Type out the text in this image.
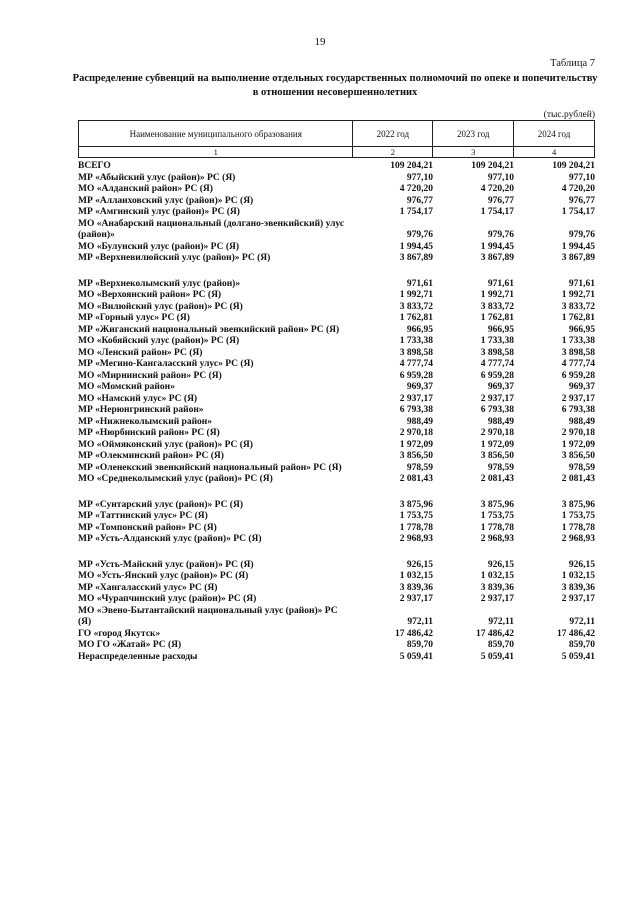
19
Таблица 7
Распределение субвенций на выполнение отдельных государственных полномочий по опеке и попечительству в отношении несовершеннолетних
(тыс.рублей)
Наименование муниципального образования	2022 год	2023 год	2024 год
1	2	3	4
ВСЕГО	109 204,21	109 204,21	109 204,21
МР «Абыйский улус (район)» РС (Я)	977,10	977,10	977,10
МО «Алданский район» РС (Я)	4 720,20	4 720,20	4 720,20
МР «Аллаиховский улус (район)» РС (Я)	976,77	976,77	976,77
МР «Амгинский улус (район)» РС (Я)	1 754,17	1 754,17	1 754,17
МО «Анабарский национальный (долгано-эвенкийский) улус (район)»	979,76	979,76	979,76
МО «Булунский улус (район)» РС (Я)	1 994,45	1 994,45	1 994,45
МР «Верхневилюйский улус (район)» РС (Я)	3 867,89	3 867,89	3 867,89

МР «Верхнеколымский улус (район)»	971,61	971,61	971,61
МО «Верхоянский район» РС (Я)	1 992,71	1 992,71	1 992,71
МО «Вилюйский улус (район)» РС (Я)	3 833,72	3 833,72	3 833,72
МР «Горный улус» РС (Я)	1 762,81	1 762,81	1 762,81
МР «Жиганский национальный эвенкийский район» РС (Я)	966,95	966,95	966,95
МО «Кобяйский улус (район)» РС (Я)	1 733,38	1 733,38	1 733,38
МО «Ленский район» РС (Я)	3 898,58	3 898,58	3 898,58
МР «Мегино-Кангаласский улус» РС (Я)	4 777,74	4 777,74	4 777,74
МО «Мирнинский район» РС (Я)	6 959,28	6 959,28	6 959,28
МО «Момский район»	969,37	969,37	969,37
МО «Намский улус» РС (Я)	2 937,17	2 937,17	2 937,17
МР «Нерюнгринский район»	6 793,38	6 793,38	6 793,38
МР «Нижнеколымский район»	988,49	988,49	988,49
МР «Нюрбинский район» РС (Я)	2 970,18	2 970,18	2 970,18
МО «Оймяконский улус (район)» РС (Я)	1 972,09	1 972,09	1 972,09
МР «Олекминский район» РС (Я)	3 856,50	3 856,50	3 856,50
МР «Оленекский эвенкийский национальный район» РС (Я)	978,59	978,59	978,59
МО «Среднеколымский улус (район)» РС (Я)	2 081,43	2 081,43	2 081,43

МР «Сунтарский улус (район)» РС (Я)	3 875,96	3 875,96	3 875,96
МР «Таттинский улус» РС (Я)	1 753,75	1 753,75	1 753,75
МР «Томпонский район» РС (Я)	1 778,78	1 778,78	1 778,78
МР «Усть-Алданский улус (район)» РС (Я)	2 968,93	2 968,93	2 968,93

МР «Усть-Майский улус (район)» РС (Я)	926,15	926,15	926,15
МО «Усть-Янский улус (район)» РС (Я)	1 032,15	1 032,15	1 032,15
МР «Хангаласский улус» РС (Я)	3 839,36	3 839,36	3 839,36
МО «Чурапчинский улус (район)» РС (Я)	2 937,17	2 937,17	2 937,17
МО «Эвено-Бытантайский национальный улус (район)» РС (Я)	972,11	972,11	972,11
ГО «город Якутск»	17 486,42	17 486,42	17 486,42
МО ГО «Жатай» РС (Я)	859,70	859,70	859,70
Нераспределенные расходы	5 059,41	5 059,41	5 059,41
